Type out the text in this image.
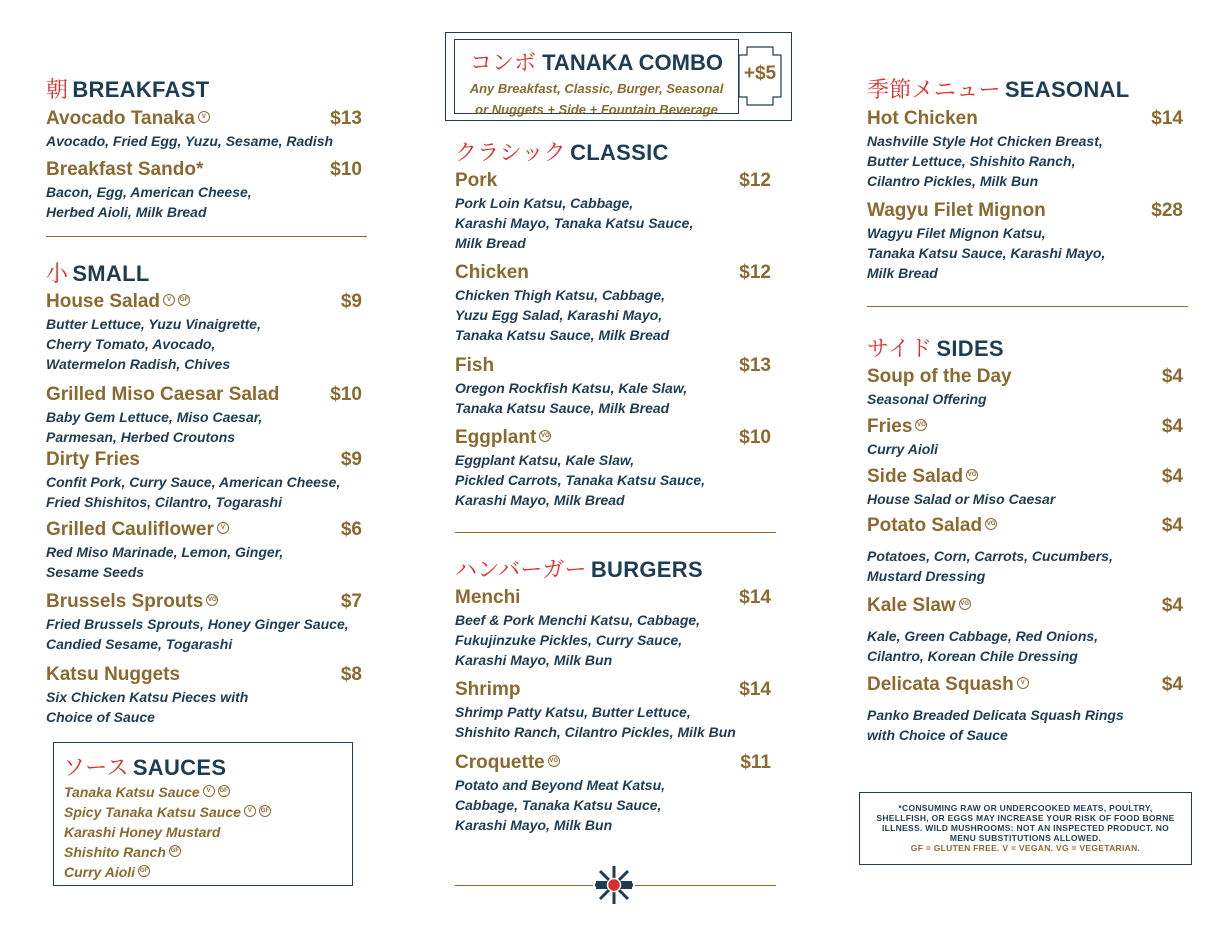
朝 BREAKFAST
Avocado Tanaka V	$13
Avocado, Fried Egg, Yuzu, Sesame, Radish
Breakfast Sando*	$10
Bacon, Egg, American Cheese,
Herbed Aioli, Milk Bread
小 SMALL
House Salad V GF	$9
Butter Lettuce, Yuzu Vinaigrette,
Cherry Tomato, Avocado,
Watermelon Radish, Chives
Grilled Miso Caesar Salad	$10
Baby Gem Lettuce, Miso Caesar,
Parmesan, Herbed Croutons
Dirty Fries	$9
Confit Pork, Curry Sauce, American Cheese,
Fried Shishitos, Cilantro, Togarashi
Grilled Cauliflower V	$6
Red Miso Marinade, Lemon, Ginger,
Sesame Seeds
Brussels Sprouts VG	$7
Fried Brussels Sprouts, Honey Ginger Sauce,
Candied Sesame, Togarashi
Katsu Nuggets	$8
Six Chicken Katsu Pieces with
Choice of Sauce
ソース SAUCES
Tanaka Katsu Sauce V GF
Spicy Tanaka Katsu Sauce V GF
Karashi Honey Mustard
Shishito Ranch GF
Curry Aioli GF
コンボ TANAKA COMBO
Any Breakfast, Classic, Burger, Seasonal
or Nuggets + Side + Fountain Beverage
+$5
クラシック CLASSIC
Pork	$12
Pork Loin Katsu, Cabbage,
Karashi Mayo, Tanaka Katsu Sauce,
Milk Bread
Chicken	$12
Chicken Thigh Katsu, Cabbage,
Yuzu Egg Salad, Karashi Mayo,
Tanaka Katsu Sauce, Milk Bread
Fish	$13
Oregon Rockfish Katsu, Kale Slaw,
Tanaka Katsu Sauce, Milk Bread
Eggplant VG	$10
Eggplant Katsu, Kale Slaw,
Pickled Carrots, Tanaka Katsu Sauce,
Karashi Mayo, Milk Bread
ハンバーガー BURGERS
Menchi	$14
Beef & Pork Menchi Katsu, Cabbage,
Fukujinzuke Pickles, Curry Sauce,
Karashi Mayo, Milk Bun
Shrimp	$14
Shrimp Patty Katsu, Butter Lettuce,
Shishito Ranch, Cilantro Pickles, Milk Bun
Croquette VG	$11
Potato and Beyond Meat Katsu,
Cabbage, Tanaka Katsu Sauce,
Karashi Mayo, Milk Bun
季節メニュー SEASONAL
Hot Chicken	$14
Nashville Style Hot Chicken Breast,
Butter Lettuce, Shishito Ranch,
Cilantro Pickles, Milk Bun
Wagyu Filet Mignon	$28
Wagyu Filet Mignon Katsu,
Tanaka Katsu Sauce, Karashi Mayo,
Milk Bread
サイド SIDES
Soup of the Day	$4
Seasonal Offering
Fries VG	$4
Curry Aioli
Side Salad VG	$4
House Salad or Miso Caesar
Potato Salad VG	$4
Potatoes, Corn, Carrots, Cucumbers,
Mustard Dressing
Kale Slaw VG	$4
Kale, Green Cabbage, Red Onions,
Cilantro, Korean Chile Dressing
Delicata Squash V	$4
Panko Breaded Delicata Squash Rings
with Choice of Sauce
*CONSUMING RAW OR UNDERCOOKED MEATS, POULTRY, SHELLFISH, OR EGGS MAY INCREASE YOUR RISK OF FOOD BORNE ILLNESS. WILD MUSHROOMS: NOT AN INSPECTED PRODUCT. NO MENU SUBSTITUTIONS ALLOWED.
GF = GLUTEN FREE. V = VEGAN. VG = VEGETARIAN.
